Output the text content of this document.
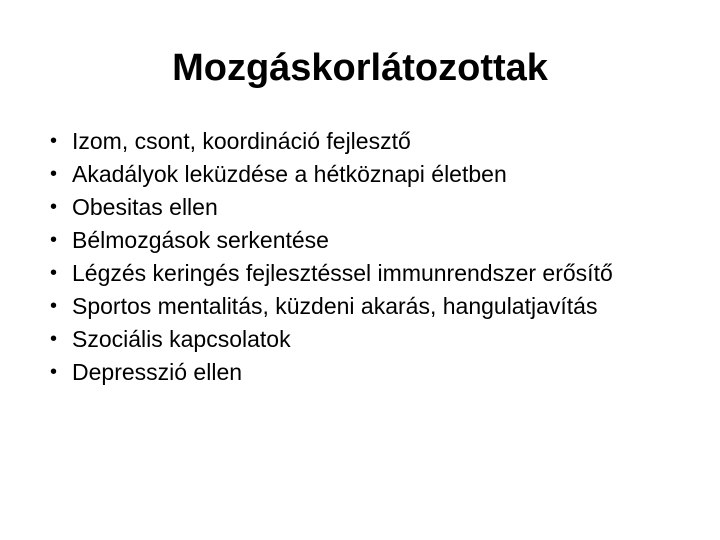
Mozgáskorlátozottak
• Izom, csont, koordináció fejlesztő
• Akadályok leküzdése a hétköznapi életben
• Obesitas ellen
• Bélmozgások serkentése
• Légzés keringés fejlesztéssel immunrendszer erősítő
• Sportos mentalitás, küzdeni akarás, hangulatjavítás
• Szociális kapcsolatok
• Depresszió ellen
